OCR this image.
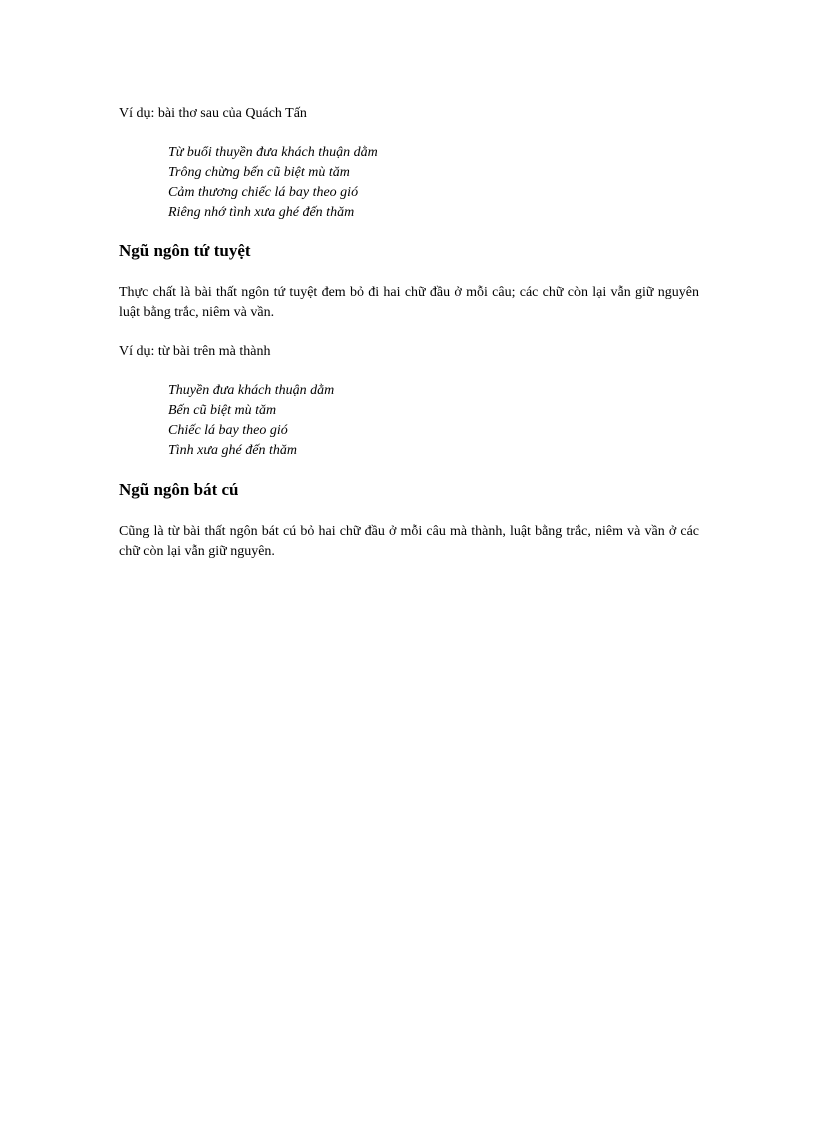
Ví dụ: bài thơ sau của Quách Tấn
Từ buổi thuyền đưa khách thuận dằm
Trông chừng bến cũ biệt mù tăm
Cảm thương chiếc lá bay theo gió
Riêng nhớ tình xưa ghé đến thăm
Ngũ ngôn tứ tuyệt
Thực chất là bài thất ngôn tứ tuyệt đem bỏ đi hai chữ đầu ở mỗi câu; các chữ còn lại vẫn giữ nguyên luật bằng trắc, niêm và vần.
Ví dụ: từ bài trên mà thành
Thuyền đưa khách thuận dằm
Bến cũ biệt mù tăm
Chiếc lá bay theo gió
Tình xưa ghé đến thăm
Ngũ ngôn bát cú
Cũng là từ bài thất ngôn bát cú bỏ hai chữ đầu ở mỗi câu mà thành, luật bằng trắc, niêm và vần ở các chữ còn lại vẫn giữ nguyên.
